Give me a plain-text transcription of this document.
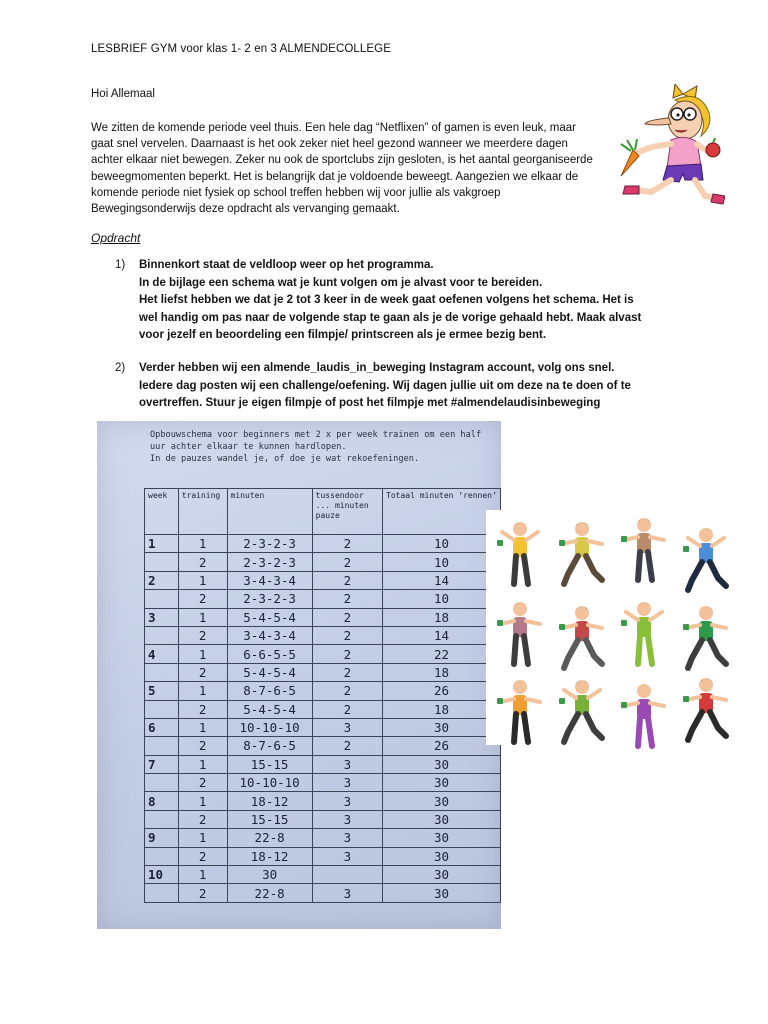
LESBRIEF GYM voor klas 1- 2 en 3 ALMENDECOLLEGE
Hoi Allemaal

We zitten de komende periode veel thuis. Een hele dag “Netflixen” of gamen is even leuk, maar gaat snel vervelen. Daarnaast is het ook zeker niet heel gezond wanneer we meerdere dagen achter elkaar niet bewegen. Zeker nu ook de sportclubs zijn gesloten, is het aantal georganiseerde beweegmomenten beperkt. Het is belangrijk dat je voldoende beweegt. Aangezien we elkaar de komende periode niet fysiek op school treffen hebben wij voor jullie als vakgroep Bewegingsonderwijs deze opdracht als vervanging gemaakt.

Opdracht
1) Binnenkort staat de veldloop weer op het programma.
In de bijlage een schema wat je kunt volgen om je alvast voor te bereiden.
Het liefst hebben we dat je 2 tot 3 keer in de week gaat oefenen volgens het schema. Het is
wel handig om pas naar de volgende stap te gaan als je de vorige gehaald hebt. Maak alvast
voor jezelf en beoordeling een filmpje/ printscreen als je ermee bezig bent.
2) Verder hebben wij een almende_laudis_in_beweging Instagram account, volg ons snel.
Iedere dag posten wij een challenge/oefening. Wij dagen jullie uit om deze na te doen of te
overtreffen. Stuur je eigen filmpje of post het filmpje met #almendelaudisinbeweging
Opbouwschema voor beginners met 2 x per week trainen om een half
uur achter elkaar te kunnen hardlopen.
In de pauzes wandel je, of doe je wat rekoefeningen.
week	training	minuten	tussendoor ... minuten pauze	Totaal minuten ‘rennen’
1	1	2-3-2-3	2	10
	2	2-3-2-3	2	10
2	1	3-4-3-4	2	14
	2	2-3-2-3	2	10
3	1	5-4-5-4	2	18
	2	3-4-3-4	2	14
4	1	6-6-5-5	2	22
	2	5-4-5-4	2	18
5	1	8-7-6-5	2	26
	2	5-4-5-4	2	18
6	1	10-10-10	3	30
	2	8-7-6-5	2	26
7	1	15-15	3	30
	2	10-10-10	3	30
8	1	18-12	3	30
	2	15-15	3	30
9	1	22-8	3	30
	2	18-12	3	30
10	1	30		30
	2	22-8	3	30
